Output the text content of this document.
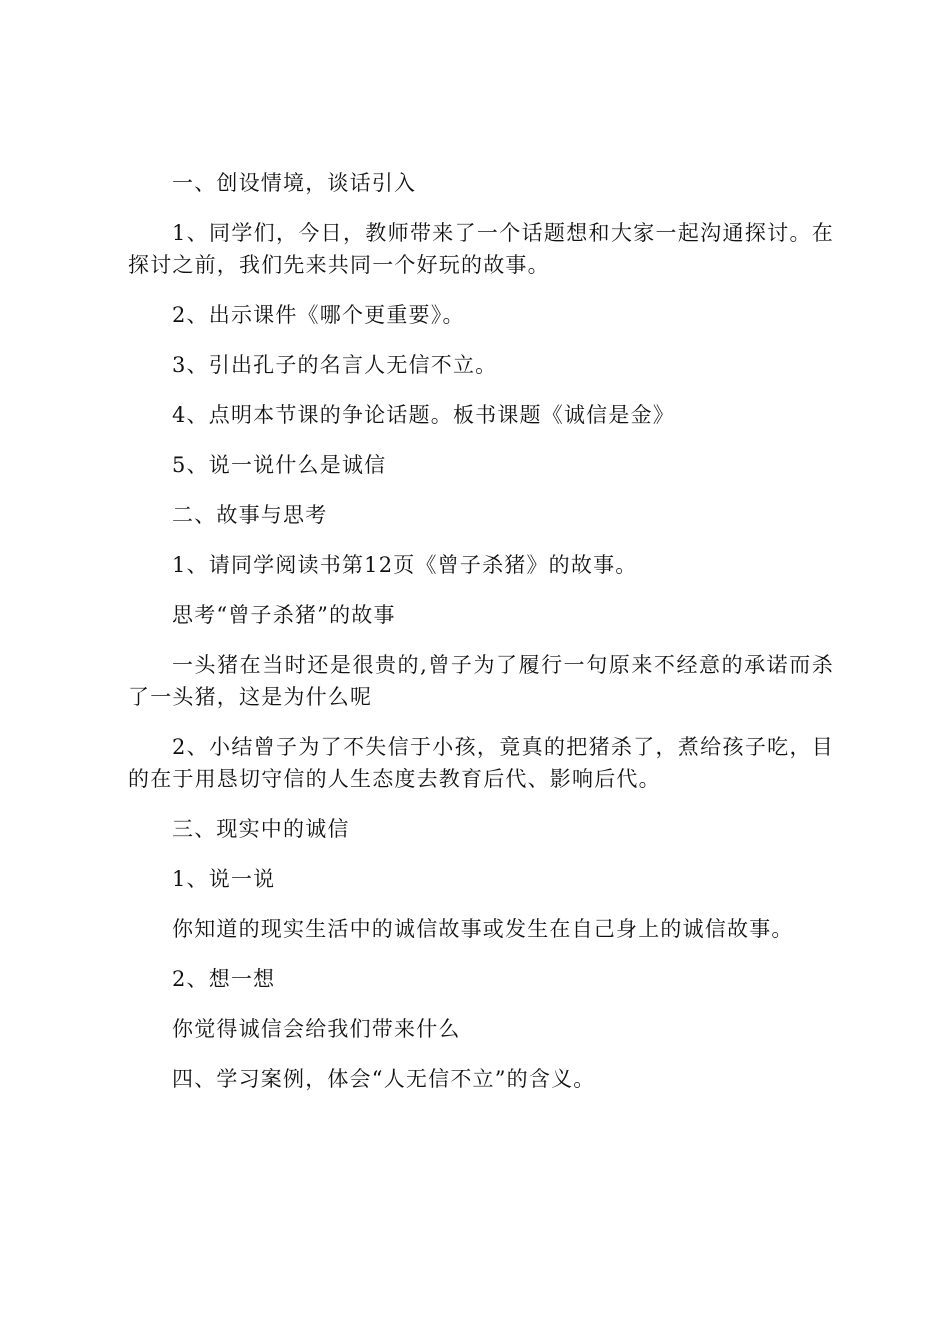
一、创设情境，谈话引入

1、同学们，今日，教师带来了一个话题想和大家一起沟通探讨。在探讨之前，我们先来共同一个好玩的故事。

2、出示课件《哪个更重要》。

3、引出孔子的名言人无信不立。

4、点明本节课的争论话题。板书课题《诚信是金》

5、说一说什么是诚信

二、故事与思考

1、请同学阅读书第12页《曾子杀猪》的故事。

思考“曾子杀猪”的故事

一头猪在当时还是很贵的,曾子为了履行一句原来不经意的承诺而杀了一头猪，这是为什么呢

2、小结曾子为了不失信于小孩，竟真的把猪杀了，煮给孩子吃，目的在于用恳切守信的人生态度去教育后代、影响后代。

三、现实中的诚信

1、说一说

你知道的现实生活中的诚信故事或发生在自己身上的诚信故事。

2、想一想

你觉得诚信会给我们带来什么

四、学习案例，体会“人无信不立”的含义。
